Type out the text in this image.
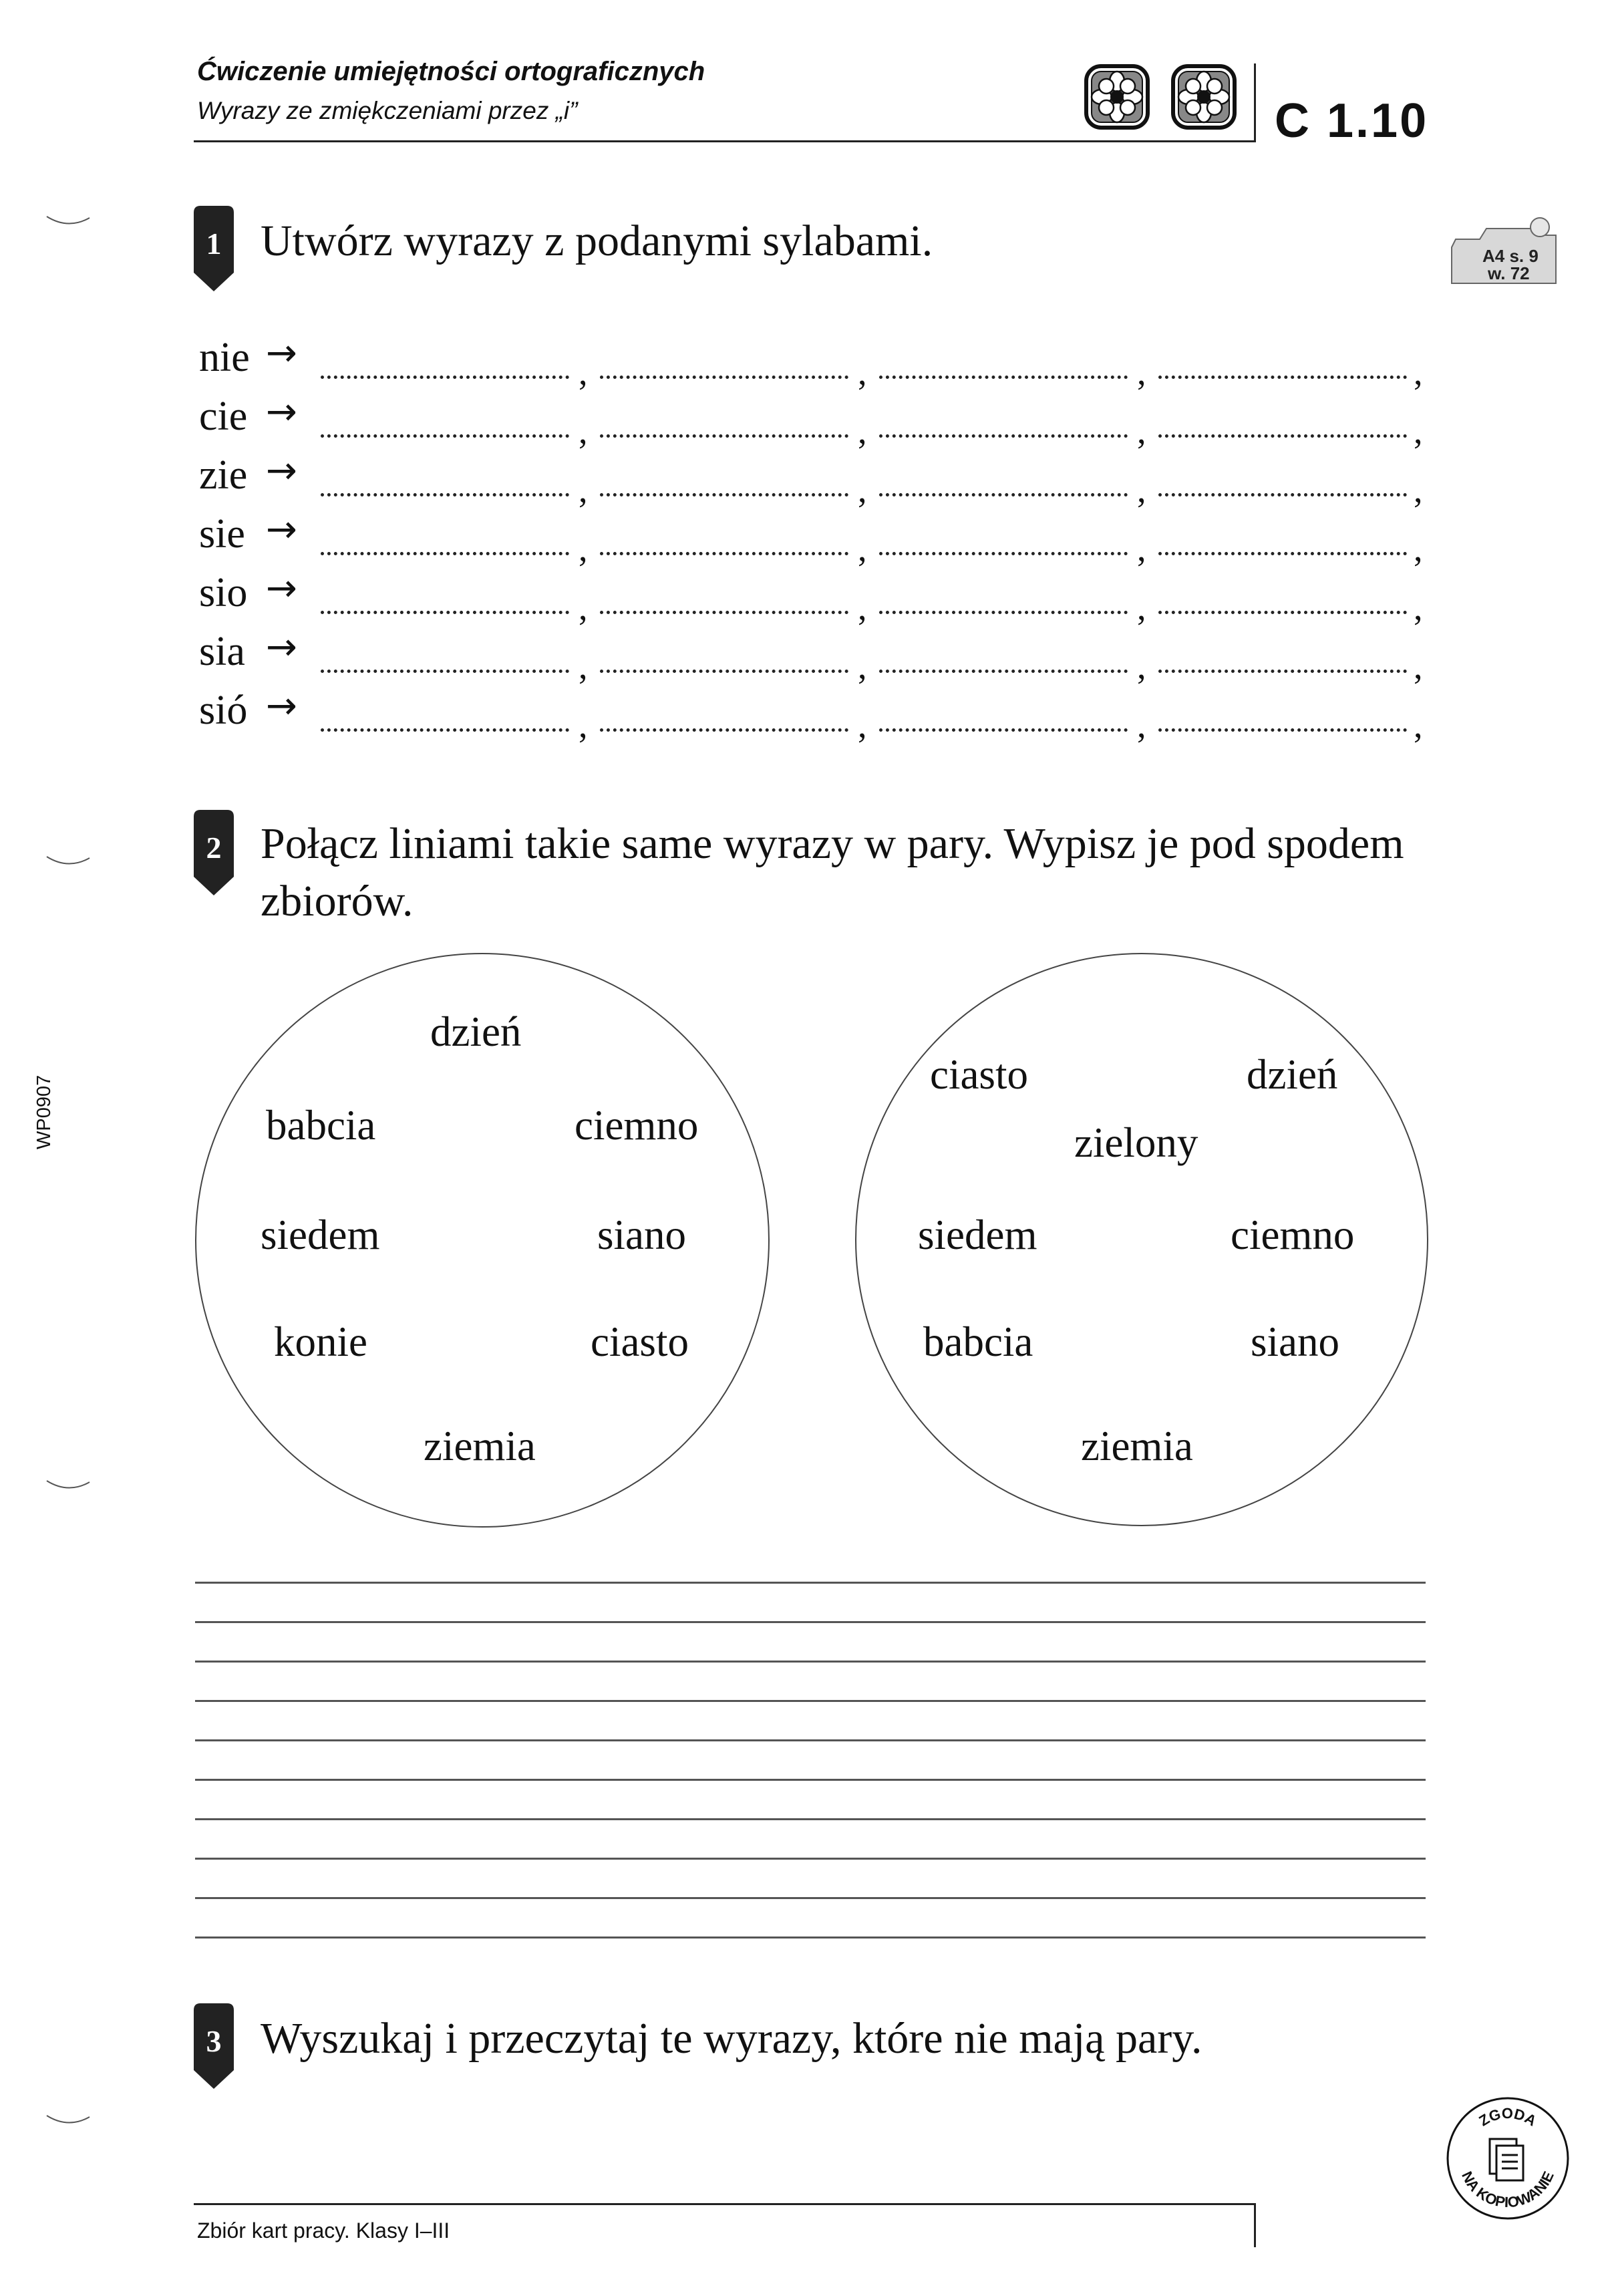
Ćwiczenie umiejętności ortograficznych
Wyrazy ze zmiękczeniami przez „i”	C 1.10
A4 s. 9
w. 72
WP0907
1 Utwórz wyrazy z podanymi sylabami.
nie →	,	,	,	,
cie →	,	,	,	,
zie →	,	,	,	,
sie →	,	,	,	,
sio →	,	,	,	,
sia →	,	,	,	,
sió →	,	,	,	,
2 Połącz liniami takie same wyrazy w pary. Wypisz je pod spodem
zbiorów.
dzień
babcia	ciemno
siedem	siano
konie	ciasto
ziemia
ciasto	dzień
zielony
siedem	ciemno
babcia	siano
ziemia
3 Wyszukaj i przeczytaj te wyrazy, które nie mają pary.
Zbiór kart pracy. Klasy I–III
ZGODA
NA KOPIOWANIE
